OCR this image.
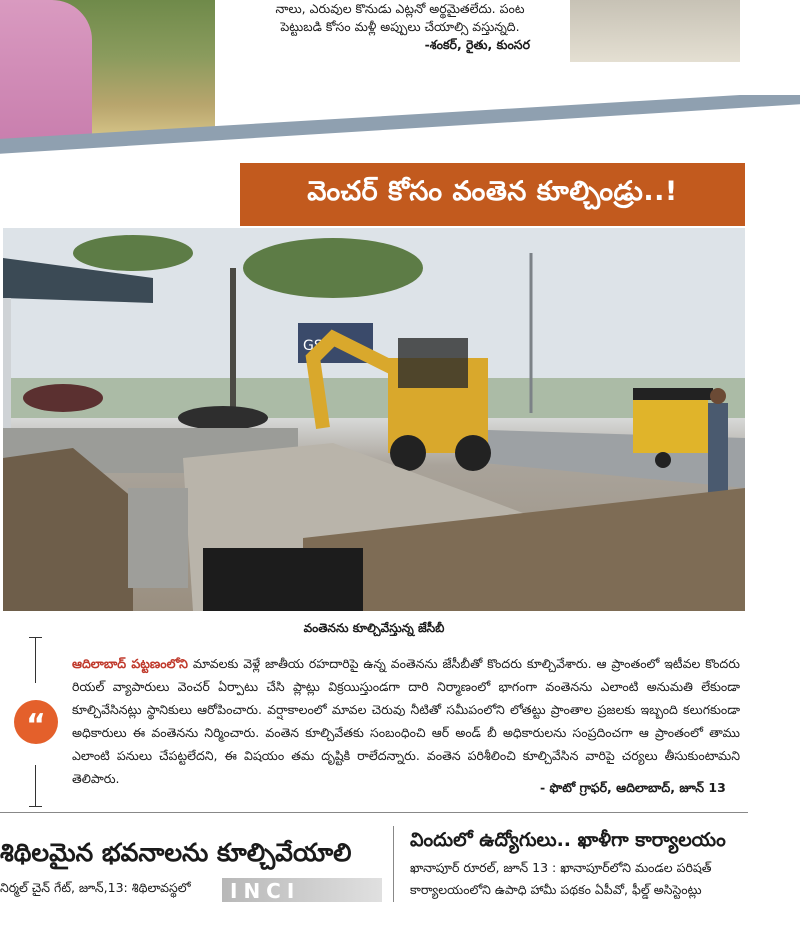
నాలు, ఎరువుల కొనుడు ఎట్లనో అర్థమైతలేదు. పంట
పెట్టుబడి కోసం మళ్లీ అప్పులు చేయాల్సి వస్తున్నది.
-శంకర్, రైతు, కుంసర
వెంచర్ కోసం వంతెన కూల్చిండ్రు..!
GSL
వంతెనను కూల్చివేస్తున్న జేసీబీ
“
ఆదిలాబాద్ పట్టణంలోని మావలకు వెళ్లే జాతీయ రహదారిపై ఉన్న వంతెనను జేసీబీతో కొందరు కూల్చివేశారు. ఆ ప్రాంతంలో ఇటీవల కొందరు రియల్ వ్యాపారులు వెంచర్ ఏర్పాటు చేసి ప్లాట్లు విక్రయిస్తుండగా దారి నిర్మాణంలో భాగంగా వంతెనను ఎలాంటి అనుమతి లేకుండా కూల్చివేసినట్లు స్థానికులు ఆరోపించారు. వర్షాకాలంలో మావల చెరువు నీటితో సమీపంలోని లోతట్టు ప్రాంతాల ప్రజలకు ఇబ్బంది కలుగకుండా అధికారులు ఈ వంతెనను నిర్మించారు. వంతెన కూల్చివేతకు సంబంధించి ఆర్ అండ్ బీ అధికారులను సంప్రదించగా ఆ ప్రాంతంలో తాము ఎలాంటి పనులు చేపట్టలేదని, ఈ విషయం తమ దృష్టికి రాలేదన్నారు. వంతెన పరిశీలించి కూల్చివేసిన వారిపై చర్యలు తీసుకుంటామని తెలిపారు.
- ఫొటో గ్రాఫర్, ఆదిలాబాద్, జూన్ 13
శిథిలమైన భవనాలను కూల్చివేయాలి
నిర్మల్ చైన్ గేట్, జూన్,13: శిథిలావస్థలో	INCI HALL
విందులో ఉద్యోగులు.. ఖాళీగా కార్యాలయం
ఖానాపూర్ రూరల్, జూన్ 13 : ఖానాపూర్‌లోని మండల పరిషత్
కార్యాలయంలోని ఉపాధి హామీ పథకం ఏపీవో, ఫీల్డ్ అసిస్టెంట్లు
